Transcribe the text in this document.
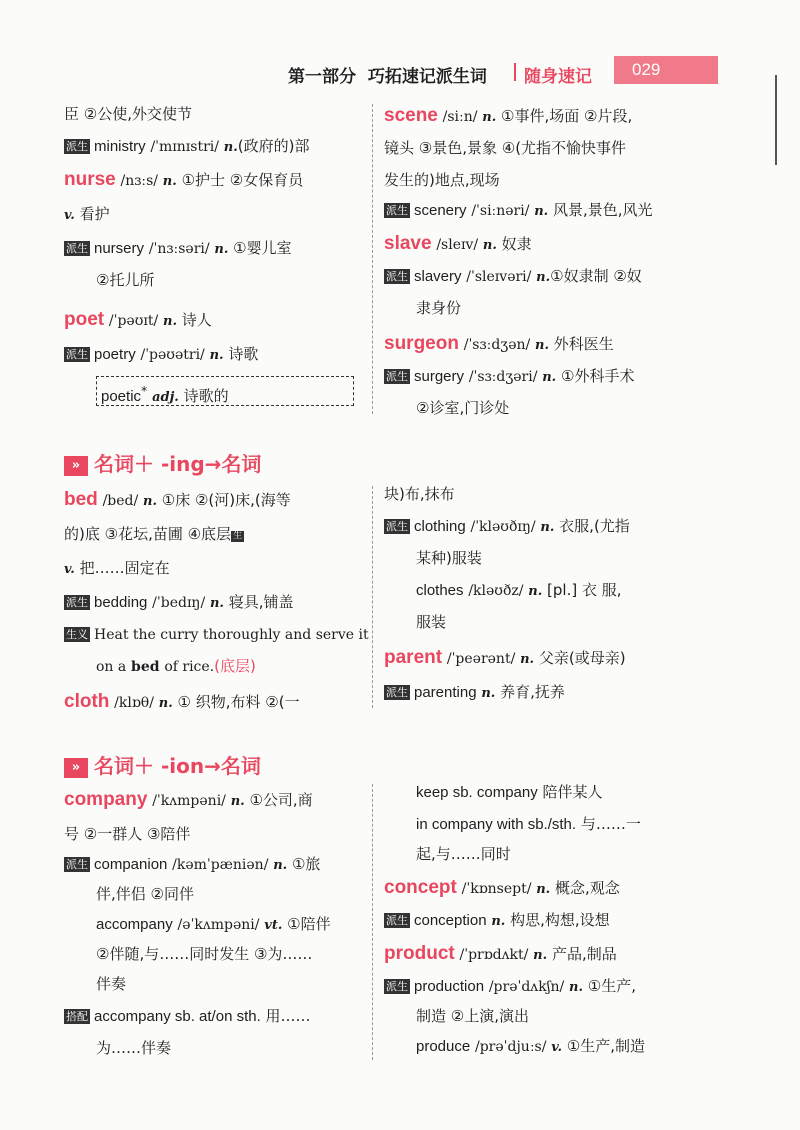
第一部分 巧拓速记派生词 随身速记 029
臣 ②公使,外交使节
派生 ministry /ˈmɪnɪstri/ n.(政府的)部
nurse /nɜːs/ n. ①护士 ②女保育员
v. 看护
派生 nursery /ˈnɜːsəri/ n. ①婴儿室
②托儿所
poet /ˈpəʊɪt/ n. 诗人
派生 poetry /ˈpəʊətri/ n. 诗歌
poetic* adj. 诗歌的
scene /siːn/ n. ①事件,场面 ②片段,
镜头 ③景色,景象 ④(尤指不愉快事件
发生的)地点,现场
派生 scenery /ˈsiːnəri/ n. 风景,景色,风光
slave /sleɪv/ n. 奴隶
派生 slavery /ˈsleɪvəri/ n.①奴隶制 ②奴
隶身份
surgeon /ˈsɜːdʒən/ n. 外科医生
派生 surgery /ˈsɜːdʒəri/ n. ①外科手术
②诊室,门诊处
» 名词＋ -ing→名词
bed /bed/ n. ①床 ②(河)床,(海等
的)底 ③花坛,苗圃 ④底层 $^生$
v. 把……固定在
派生 bedding /ˈbedɪŋ/ n. 寝具,铺盖
生义 Heat the curry thoroughly and serve it
on a bed of rice.(底层)
cloth /klɒθ/ n. ① 织物,布料 ②(一
块)布,抹布
派生 clothing /ˈkləʊðɪŋ/ n. 衣服,(尤指
某种)服装
clothes /kləʊðz/ n. [pl.] 衣 服,
服装
parent /ˈpeərənt/ n. 父亲(或母亲)
派生 parenting n. 养育,抚养
» 名词＋ -ion→名词
company /ˈkʌmpəni/ n. ①公司,商
号 ②一群人 ③陪伴
派生 companion /kəmˈpæniən/ n. ①旅
伴,伴侣 ②同伴
accompany /əˈkʌmpəni/ vt. ①陪伴
②伴随,与……同时发生 ③为……
伴奏
搭配 accompany sb. at/on sth. 用……
为……伴奏
keep sb. company 陪伴某人
in company with sb./sth. 与……一
起,与……同时
concept /ˈkɒnsept/ n. 概念,观念
派生 conception n. 构思,构想,设想
product /ˈprɒdʌkt/ n. 产品,制品
派生 production /prəˈdʌkʃn/ n. ①生产,
制造 ②上演,演出
produce /prəˈdjuːs/ v. ①生产,制造
